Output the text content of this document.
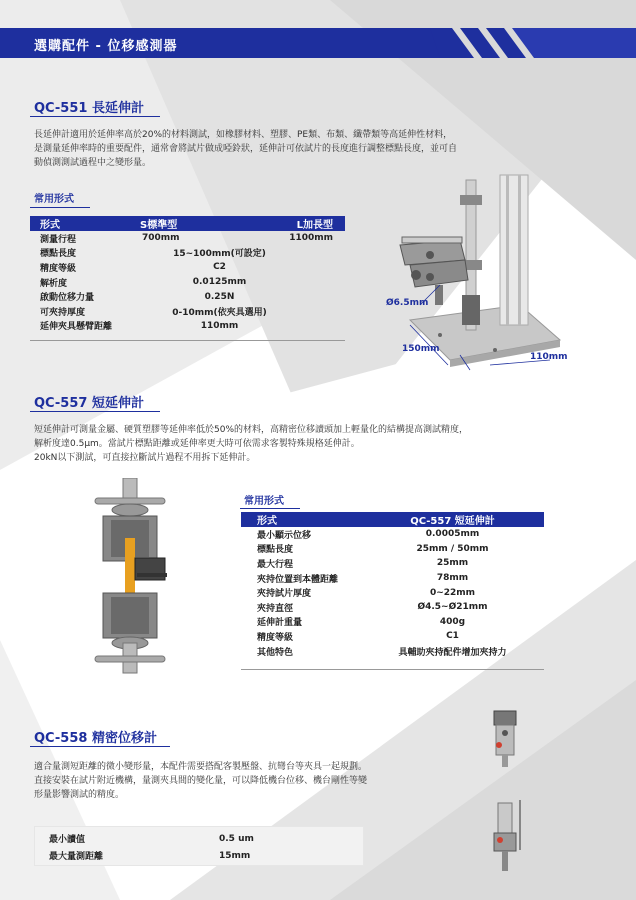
選購配件 - 位移感測器
QC-551 長延伸計
長延伸計適用於延伸率高於20%的材料測試，如橡膠材料、塑膠、PE類、布類、纖帶類等高延伸性材料，
是測量延伸率時的重要配件，通常會將試片做成啞鈴狀，延伸計可依試片的長度進行調整標點長度，並可自
動偵測測試過程中之變形量。
常用形式
形式	S標準型	L加長型
測量行程	700mm	1100mm
標點長度	15~100mm(可設定)	
精度等級	C2	
解析度	0.0125mm	
啟動位移力量	0.25N	
可夾持厚度	0-10mm(依夾具選用)	
延伸夾具懸臂距離	110mm	
Ø6.5mm
150mm
110mm
QC-557 短延伸計
短延伸計可測量金屬、硬質塑膠等延伸率低於50%的材料，高精密位移讀頭加上輕量化的結構提高測試精度，
解析度達0.5μm。當試片標點距離或延伸率更大時可依需求客製特殊規格延伸計。
20kN以下測試，可直接拉斷試片過程不用拆下延伸計。
常用形式
形式	QC-557 短延伸計
最小顯示位移	0.0005mm
標點長度	25mm / 50mm
最大行程	25mm
夾持位置到本體距離	78mm
夾持試片厚度	0~22mm
夾持直徑	Ø4.5~Ø21mm
延伸計重量	400g
精度等級	C1
其他特色	具輔助夾持配件增加夾持力
QC-558 精密位移計
適合量測短距離的微小變形量，本配件需要搭配客製壓盤、抗彎台等夾具一起規劃。
直接安裝在試片附近機構，量測夾具間的變化量，可以降低機台位移、機台剛性等變
形量影響測試的精度。
最小讀值	0.5 um
最大量測距離	15mm
